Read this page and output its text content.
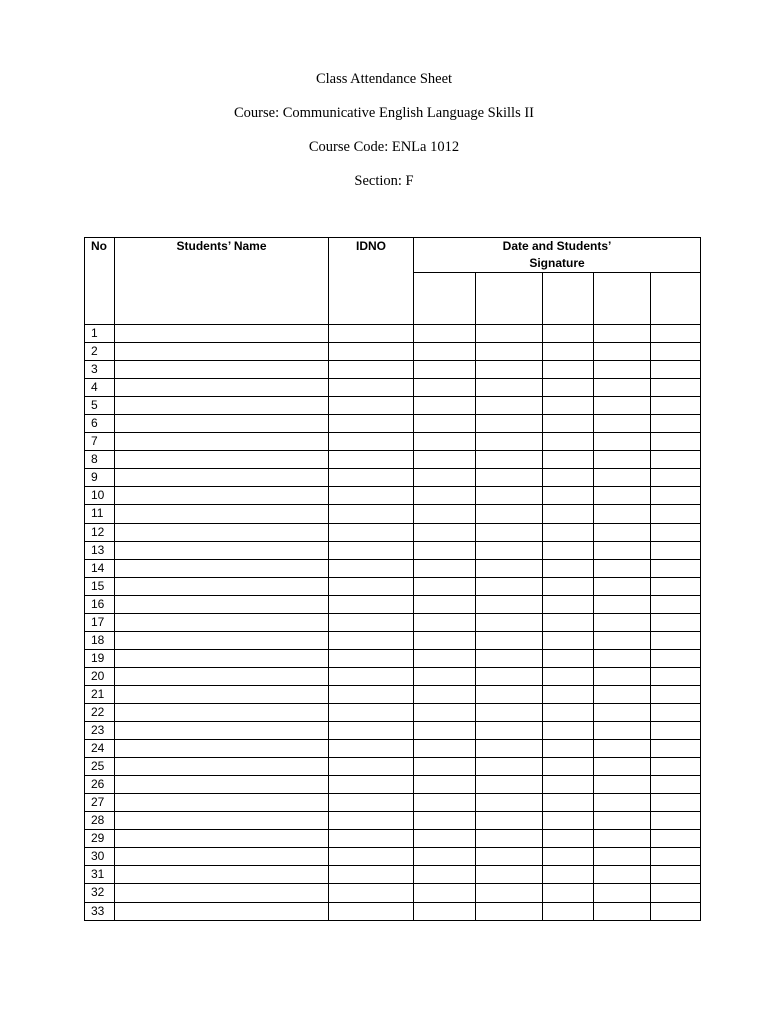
Class Attendance Sheet
Course: Communicative English Language Skills II
Course Code: ENLa 1012
Section: F
No	Students’ Name	IDNO	Date and Students’
Signature				

1							
2							
3							
4							
5							
6							
7							
8							
9							
10							
11							
12							
13							
14							
15							
16							
17							
18							
19							
20							
21							
22							
23							
24							
25							
26							
27							
28							
29							
30							
31							
32							
33							
